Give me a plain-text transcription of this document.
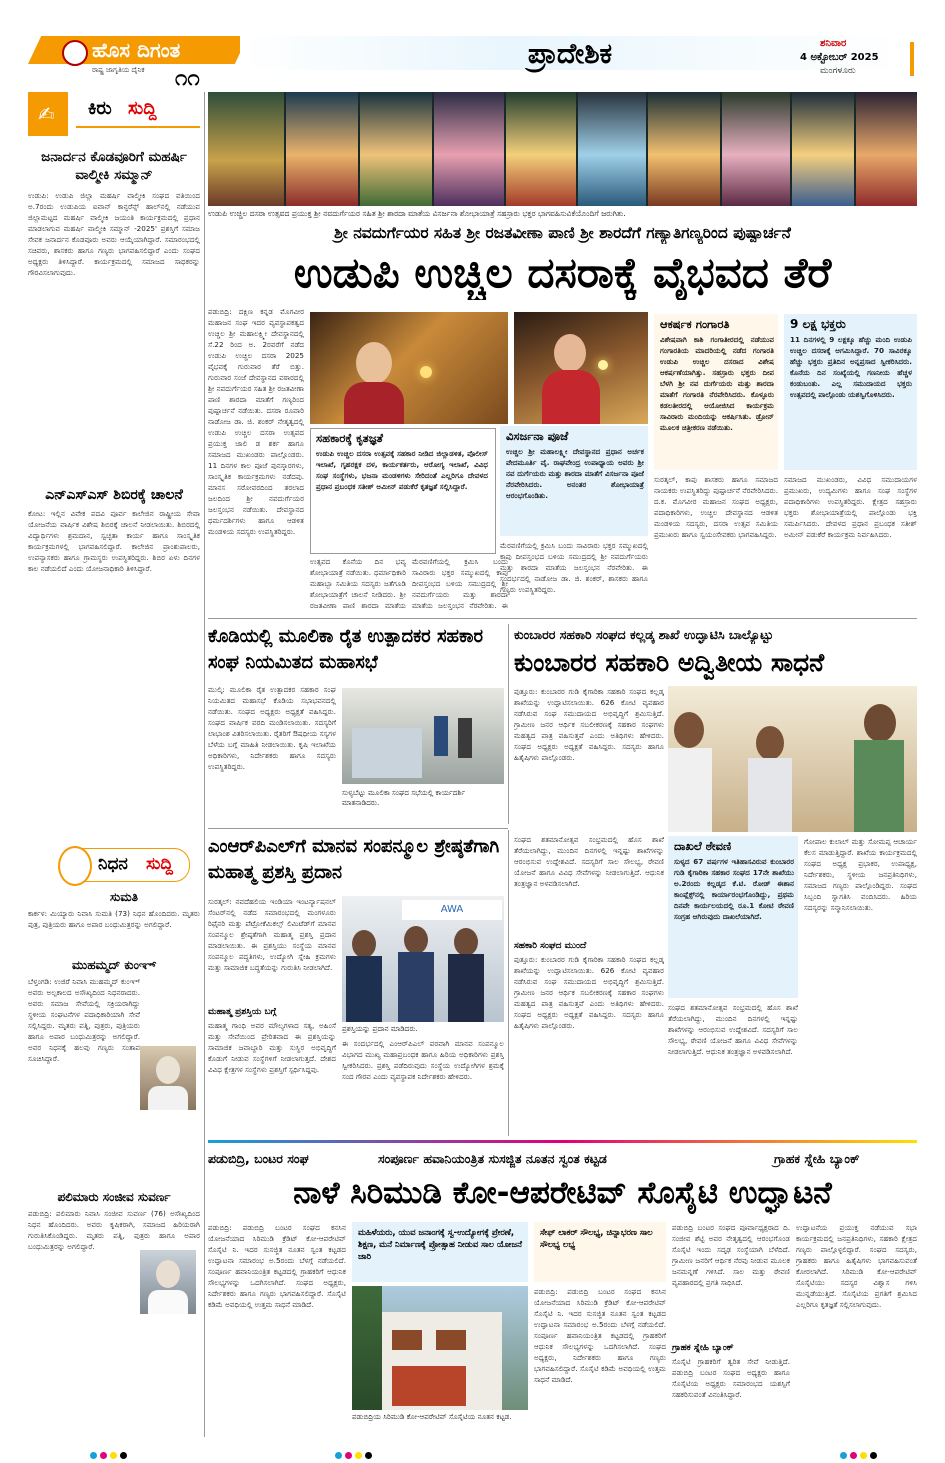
ಹೊಸ ದಿಗಂತ
ರಾಷ್ಟ್ರ ಜಾಗೃತಿಯ ದೈನಿಕ	೧೧
ಪ್ರಾದೇಶಿಕ	ಶನಿವಾರ
4 ಅಕ್ಟೋಬರ್ 2025
ಮಂಗಳೂರು
✍ ಕಿರು ಸುದ್ದಿ
ಜನಾರ್ದನ ಕೊಡವೂರಿಗೆ ಮಹರ್ಷಿ ವಾಲ್ಮೀಕಿ ಸಮ್ಮಾನ್
ಉಡುಪಿ: ಉಡುಪಿ ಜಿಲ್ಲಾ ಮಹರ್ಷಿ ವಾಲ್ಮೀಕಿ ಸಂಘದ ವತಿಯಿಂದ ಅ.7ರಂದು ಉಡುಪಿಯ ಐವಾನ್ ಕಾನ್ಫರೆನ್ಸ್ ಹಾಲ್‌ನಲ್ಲಿ ನಡೆಯುವ ಜಿಲ್ಲಾಮಟ್ಟದ ಮಹರ್ಷಿ ವಾಲ್ಮೀಕಿ ಜಯಂತಿ ಕಾರ್ಯಕ್ರಮದಲ್ಲಿ ಪ್ರಧಾನ ಮಾಡಲಾಗುವ ಮಹರ್ಷಿ ವಾಲ್ಮೀಕಿ ಸಮ್ಮಾನ್ -2025' ಪ್ರಶಸ್ತಿಗೆ ಸಮಾಜ ಸೇವಕ ಜನಾರ್ದನ ಕೊಡವೂರು ಅವರು ಆಯ್ಕೆಯಾಗಿದ್ದಾರೆ. ಸಮಾರಂಭದಲ್ಲಿ ಸಚಿವರು, ಶಾಸಕರು ಹಾಗೂ ಗಣ್ಯರು ಭಾಗವಹಿಸಲಿದ್ದಾರೆ ಎಂದು ಸಂಘದ ಅಧ್ಯಕ್ಷರು ತಿಳಿಸಿದ್ದಾರೆ. ಕಾರ್ಯಕ್ರಮದಲ್ಲಿ ಸಮಾಜದ ಸಾಧಕರನ್ನು ಗೌರವಿಸಲಾಗುವುದು.
ಎನ್ಎಸ್ಎಸ್ ಶಿಬಿರಕ್ಕೆ ಚಾಲನೆ
ಕೋಟ: ಇಲ್ಲಿನ ವಿವೇಕ ಪದವಿ ಪೂರ್ವ ಕಾಲೇಜಿನ ರಾಷ್ಟ್ರೀಯ ಸೇವಾ ಯೋಜನೆಯ ವಾರ್ಷಿಕ ವಿಶೇಷ ಶಿಬಿರಕ್ಕೆ ಚಾಲನೆ ನೀಡಲಾಯಿತು. ಶಿಬಿರದಲ್ಲಿ ವಿದ್ಯಾರ್ಥಿಗಳು ಶ್ರಮದಾನ, ಸ್ವಚ್ಛತಾ ಕಾರ್ಯ ಹಾಗೂ ಸಾಂಸ್ಕೃತಿಕ ಕಾರ್ಯಕ್ರಮಗಳಲ್ಲಿ ಭಾಗವಹಿಸಲಿದ್ದಾರೆ. ಕಾಲೇಜಿನ ಪ್ರಾಂಶುಪಾಲರು, ಉಪನ್ಯಾಸಕರು ಹಾಗೂ ಗ್ರಾಮಸ್ಥರು ಉಪಸ್ಥಿತರಿದ್ದರು. ಶಿಬಿರ ಏಳು ದಿನಗಳ ಕಾಲ ನಡೆಯಲಿದೆ ಎಂದು ಯೋಜನಾಧಿಕಾರಿ ತಿಳಿಸಿದ್ದಾರೆ.
ನಿಧನ ಸುದ್ದಿ
ಸುಮತಿ
ಕಾರ್ಕಳ: ಮಿಯ್ಯಾರು ನಿವಾಸಿ ಸುಮತಿ (73) ನಿಧನ ಹೊಂದಿದರು. ಮೃತರು ಪುತ್ರ, ಪುತ್ರಿಯರು ಹಾಗೂ ಅಪಾರ ಬಂಧುಮಿತ್ರರನ್ನು ಅಗಲಿದ್ದಾರೆ.
ಮುಹಮ್ಮದ್ ಕುಂಞ್
ಬೆಳ್ತಂಗಡಿ: ಉಜಿರೆ ನಿವಾಸಿ ಮುಹಮ್ಮದ್ ಕುಂಞ್ ಅವರು ಅಲ್ಪಕಾಲದ ಅಸೌಖ್ಯದಿಂದ ನಿಧನರಾದರು. ಅವರು ಸಮಾಜ ಸೇವೆಯಲ್ಲಿ ಸಕ್ರಿಯರಾಗಿದ್ದು ಸ್ಥಳೀಯ ಸಂಘಟನೆಗಳ ಪದಾಧಿಕಾರಿಯಾಗಿ ಸೇವೆ ಸಲ್ಲಿಸಿದ್ದರು. ಮೃತರು ಪತ್ನಿ, ಪುತ್ರರು, ಪುತ್ರಿಯರು ಹಾಗೂ ಅಪಾರ ಬಂಧುಮಿತ್ರರನ್ನು ಅಗಲಿದ್ದಾರೆ. ಅವರ ನಿಧನಕ್ಕೆ ಹಲವು ಗಣ್ಯರು ಸಂತಾಪ ಸೂಚಿಸಿದ್ದಾರೆ.
ಪಲಿಮಾರು ಸಂಜೀವ ಸುವರ್ಣ
ಪಡುಬಿದ್ರಿ: ಪಲಿಮಾರು ನಿವಾಸಿ ಸಂಜೀವ ಸುವರ್ಣ (76) ಅಸೌಖ್ಯದಿಂದ ನಿಧನ ಹೊಂದಿದರು. ಅವರು ಕೃಷಿಕರಾಗಿ, ಸಮಾಜದ ಹಿರಿಯರಾಗಿ ಗುರುತಿಸಿಕೊಂಡಿದ್ದರು. ಮೃತರು ಪತ್ನಿ, ಪುತ್ರರು ಹಾಗೂ ಅಪಾರ ಬಂಧುಮಿತ್ರರನ್ನು ಅಗಲಿದ್ದಾರೆ.
ಉಡುಪಿ ಉಚ್ಚಿಲ ದಸರಾ ಉತ್ಸವದ ಪ್ರಯುಕ್ತ ಶ್ರೀ ನವದುರ್ಗೆಯರ ಸಹಿತ ಶ್ರೀ ಶಾರದಾ ಮಾತೆಯ ವಿಸರ್ಜನಾ ಶೋಭಾಯಾತ್ರೆ ಸಹಸ್ರಾರು ಭಕ್ತರ ಭಾಗವಹಿಸುವಿಕೆಯೊಂದಿಗೆ ಜರುಗಿತು.
ಶ್ರೀ ನವದುರ್ಗೆಯರ ಸಹಿತ ಶ್ರೀ ರಜತವೀಣಾ ಪಾಣಿ ಶ್ರೀ ಶಾರದೆಗೆ ಗಣ್ಯಾತಿಗಣ್ಯರಿಂದ ಪುಷ್ಪಾರ್ಚನೆ
ಉಡುಪಿ ಉಚ್ಚಿಲ ದಸರಾಕ್ಕೆ ವೈಭವದ ತೆರೆ
ಪಡುಬಿದ್ರಿ: ದಕ್ಷಿಣ ಕನ್ನಡ ಮೊಗವೀರ ಮಹಾಜನ ಸಂಘ ಇದರ ವ್ಯವಸ್ಥಾಪಕತ್ವದ ಉಚ್ಚಿಲ ಶ್ರೀ ಮಹಾಲಕ್ಷ್ಮೀ ದೇವಸ್ಥಾನದಲ್ಲಿ ಸೆ.22 ರಿಂದ ಅ. 2ರವರೆಗೆ ನಡೆದ ಉಡುಪಿ ಉಚ್ಚಿಲ ದಸರಾ 2025 ವೈಭವಕ್ಕೆ ಗುರುವಾರ ತೆರೆ ಬಿತ್ತು. ಗುರುವಾರ ಸಂಜೆ ದೇವಸ್ಥಾನದ ವಠಾರದಲ್ಲಿ ಶ್ರೀ ನವದುರ್ಗೆಯರ ಸಹಿತ ಶ್ರೀ ರಜತವೀಣಾ ಪಾಣಿ ಶಾರದಾ ಮಾತೆಗೆ ಗಣ್ಯರಿಂದ ಪುಷ್ಪಾರ್ಚನೆ ನಡೆಯಿತು. ದಸರಾ ರೂವಾರಿ ನಾಡೋಜ ಡಾ. ಜಿ. ಶಂಕರ್ ನೇತೃತ್ವದಲ್ಲಿ ಉಡುಪಿ ಉಚ್ಚಿಲ ದಸರಾ ಉತ್ಸವದ ಪ್ರಯುಕ್ತ ಜಾಲಿ ಡ ಶರ್ಕ ಹಾಗೂ ಸಮಾಜದ ಮುಖಂಡರು ಪಾಲ್ಗೊಂಡರು. 11 ದಿನಗಳ ಕಾಲ ಪೂಜೆ ಪುನಸ್ಕಾರಗಳು, ಸಾಂಸ್ಕೃತಿಕ ಕಾರ್ಯಕ್ರಮಗಳು ನಡೆದವು. ಮಾನಸ ಸರೋವರದಿಂದ ತರಲಾದ ಜಲದಿಂದ ಶ್ರೀ ನವದುರ್ಗೆಯರ ಜಲಸ್ತಂಭನ ನಡೆಯಿತು. ದೇವಸ್ಥಾನದ ಧರ್ಮದರ್ಶಿಗಳು ಹಾಗೂ ಆಡಳಿತ ಮಂಡಳಿಯ ಸದಸ್ಯರು ಉಪಸ್ಥಿತರಿದ್ದರು.
ಸಹಕಾರಕ್ಕೆ ಕೃತಜ್ಞತೆ
ಉಡುಪಿ ಉಚ್ಚಿಲ ದಸರಾ ಉತ್ಸವಕ್ಕೆ ಸಹಕಾರ ನೀಡಿದ ಜಿಲ್ಲಾಡಳಿತ, ಪೊಲೀಸ್ ಇಲಾಖೆ, ಗೃಹರಕ್ಷಕ ದಳ, ಕಾರ್ಯಕರ್ತರು, ಆರೋಗ್ಯ ಇಲಾಖೆ, ವಿವಿಧ ಸಂಘ ಸಂಸ್ಥೆಗಳು, ಭಜನಾ ಮಂಡಳಿಗಳು ಸೇರಿದಂತೆ ಎಲ್ಲರಿಗೂ ದೇವಳದ ಪ್ರಧಾನ ಪ್ರಬಂಧಕ ಸತೀಶ್ ಅಮೀನ್ ಪಡುಕೆರೆ ಕೃತಜ್ಞತೆ ಸಲ್ಲಿಸಿದ್ದಾರೆ.
ವಿಸರ್ಜನಾ ಪೂಜೆ
ಉಚ್ಚಿಲ ಶ್ರೀ ಮಹಾಲಕ್ಷ್ಮೀ ದೇವಸ್ಥಾನದ ಪ್ರಧಾನ ಅರ್ಚಕ ವೇದಮೂರ್ತಿ ವೈ. ರಾಘವೇಂದ್ರ ಉಪಾಧ್ಯಾಯ ಅವರು ಶ್ರೀ ನವ ದುರ್ಗೆಯರು ಮತ್ತು ಶಾರದಾ ಮಾತೆಗೆ ವಿಸರ್ಜನಾ ಪೂಜೆ ನೆರವೇರಿಸಿದರು. ಅನಂತರ ಶೋಭಾಯಾತ್ರೆ ಆರಂಭಗೊಂಡಿತು.
ಉತ್ಸವದ ಕೊನೆಯ ದಿನ ಭವ್ಯ ಶೋಭಾಯಾತ್ರೆ ನಡೆಯಿತು. ಧರ್ಮಾಧಿಕಾರಿ ಮಹಾಬ್ಬಾ ಸಮಿತಿಯ ಸದಸ್ಯರು ಜತೆಗೂಡಿ ಶೋಭಾಯಾತ್ರೆಗೆ ಚಾಲನೆ ನೀಡಿದರು. ಶ್ರೀ ರಜತವೀಣಾ ಪಾಣಿ ಶಾರದಾ ಮಾತೆಯ
ಮೆರವಣಿಗೆಯಲ್ಲಿ ಕ್ರಮಿಸಿ ಬಂದು ಸಾವಿರಾರು ಭಕ್ತರ ಸಮ್ಮುಖದಲ್ಲಿ ಕಾಪು ದೀಪಸ್ತಂಭದ ಬಳಿಯ ಸಮುದ್ರದಲ್ಲಿ ಶ್ರೀ ನವದುರ್ಗೆಯರು ಮತ್ತು ಶಾರದಾ ಮಾತೆಯ ಜಲಸ್ತಂಭನ ನೆರವೇರಿತು. ಈ
ಮೆರವಣಿಗೆಯಲ್ಲಿ ಕ್ರಮಿಸಿ ಬಂದು ಸಾವಿರಾರು ಭಕ್ತರ ಸಮ್ಮುಖದಲ್ಲಿ ಕಾಪು ದೀಪಸ್ತಂಭದ ಬಳಿಯ ಸಮುದ್ರದಲ್ಲಿ ಶ್ರೀ ನವದುರ್ಗೆಯರು ಮತ್ತು ಶಾರದಾ ಮಾತೆಯ ಜಲಸ್ತಂಭನ ನೆರವೇರಿತು. ಈ ಸಂದರ್ಭದಲ್ಲಿ ನಾಡೋಜ ಡಾ. ಜಿ. ಶಂಕರ್, ಶಾಸಕರು ಹಾಗೂ ಗಣ್ಯರು ಉಪಸ್ಥಿತರಿದ್ದರು.
ಆಕರ್ಷಕ ಗಂಗಾರತಿ
ವಿಶೇಷವಾಗಿ ಕಾಶಿ ಗಂಗಾತೀರದಲ್ಲಿ ನಡೆಯುವ ಗಂಗಾರತಿಯ ಮಾದರಿಯಲ್ಲಿ ನಡೆದ ಗಂಗಾರತಿ ಉಡುಪಿ ಉಚ್ಚಿಲ ದಸರಾದ ವಿಶೇಷ ಆಕರ್ಷಣೆಯಾಗಿತ್ತು. ಸಹಸ್ರಾರು ಭಕ್ತರು ದೀಪ ಬೆಳಗಿ ಶ್ರೀ ನವ ದುರ್ಗೆಯರು ಮತ್ತು ಶಾರದಾ ಮಾತೆಗೆ ಗಂಗಾರತಿ ನೆರವೇರಿಸಿದರು. ಕೊಳ್ಳೂರು ಕಡಲತೀರದಲ್ಲಿ ಆಯೋಜಿಸಿದ ಕಾರ್ಯಕ್ರಮ ಸಾವಿರಾರು ಮಂದಿಯನ್ನು ಆಕರ್ಷಿಸಿತು. ಡ್ರೋನ್ ಮೂಲಕ ಚಿತ್ರೀಕರಣ ನಡೆಯಿತು.
9 ಲಕ್ಷ ಭಕ್ತರು
11 ದಿನಗಳಲ್ಲಿ 9 ಲಕ್ಷಕ್ಕೂ ಹೆಚ್ಚು ಮಂದಿ ಉಡುಪಿ ಉಚ್ಚಿಲ ದಸರಾಕ್ಕೆ ಆಗಮಿಸಿದ್ದಾರೆ. 70 ಸಾವಿರಕ್ಕೂ ಹೆಚ್ಚು ಭಕ್ತರು ಪ್ರತಿದಿನ ಅನ್ನಪ್ರಸಾದ ಸ್ವೀಕರಿಸಿದರು. ಕೊನೆಯ ದಿನ ಸಂಖ್ಯೆಯಲ್ಲಿ ಗಣನೀಯ ಹೆಚ್ಚಳ ಕಂಡುಬಂತು. ಎಲ್ಲ ಸಮುದಾಯದ ಭಕ್ತರು ಉತ್ಸವದಲ್ಲಿ ಪಾಲ್ಗೊಂಡು ಯಶಸ್ವಿಗೊಳಿಸಿದರು.
ಸುರತ್ಕಲ್, ಕಾಪು ಶಾಸಕರು ಹಾಗೂ ಸಮಾಜದ ನಾಯಕರು ಉಪಸ್ಥಿತರಿದ್ದು ಪುಷ್ಪಾರ್ಚನೆ ನೆರವೇರಿಸಿದರು. ದ.ಕ. ಮೊಗವೀರ ಮಹಾಜನ ಸಂಘದ ಅಧ್ಯಕ್ಷರು, ಪದಾಧಿಕಾರಿಗಳು, ಉಚ್ಚಿಲ ದೇವಸ್ಥಾನದ ಆಡಳಿತ ಮಂಡಳಿಯ ಸದಸ್ಯರು, ದಸರಾ ಉತ್ಸವ ಸಮಿತಿಯ ಪ್ರಮುಖರು ಹಾಗೂ ಸ್ವಯಂಸೇವಕರು ಭಾಗವಹಿಸಿದ್ದರು.
ಸಮಾಜದ ಮುಖಂಡರು, ವಿವಿಧ ಸಮುದಾಯಗಳ ಪ್ರಮುಖರು, ಉದ್ಯಮಿಗಳು ಹಾಗೂ ಸಂಘ ಸಂಸ್ಥೆಗಳ ಪದಾಧಿಕಾರಿಗಳು ಉಪಸ್ಥಿತರಿದ್ದರು. ಕ್ಷೇತ್ರದ ಸಹಸ್ರಾರು ಭಕ್ತರು ಶೋಭಾಯಾತ್ರೆಯಲ್ಲಿ ಪಾಲ್ಗೊಂಡು ಭಕ್ತಿ ಸಮರ್ಪಿಸಿದರು. ದೇವಳದ ಪ್ರಧಾನ ಪ್ರಬಂಧಕ ಸತೀಶ್ ಅಮೀನ್ ಪಡುಕೆರೆ ಕಾರ್ಯಕ್ರಮ ನಿರ್ವಹಿಸಿದರು.
ಕೊಡಿಯಲ್ಲಿ ಮೂಲಿಕಾ ರೈತ ಉತ್ಪಾದಕರ ಸಹಕಾರ ಸಂಘ ನಿಯಮಿತದ ಮಹಾಸಭೆ
ಮುಲ್ಕಿ: ಮೂಲಿಕಾ ರೈತ ಉತ್ಪಾದಕರ ಸಹಕಾರ ಸಂಘ ನಿಯಮಿತದ ಮಹಾಸಭೆ ಕೊಡಿಯ ಸಭಾಭವನದಲ್ಲಿ ನಡೆಯಿತು. ಸಂಘದ ಅಧ್ಯಕ್ಷರು ಅಧ್ಯಕ್ಷತೆ ವಹಿಸಿದ್ದರು. ಸಂಘದ ವಾರ್ಷಿಕ ವರದಿ ಮಂಡಿಸಲಾಯಿತು. ಸದಸ್ಯರಿಗೆ ಲಾಭಾಂಶ ವಿತರಿಸಲಾಯಿತು. ರೈತರಿಗೆ ಔಷಧೀಯ ಸಸ್ಯಗಳ ಬೆಳೆಯ ಬಗ್ಗೆ ಮಾಹಿತಿ ನೀಡಲಾಯಿತು. ಕೃಷಿ ಇಲಾಖೆಯ ಅಧಿಕಾರಿಗಳು, ನಿರ್ದೇಶಕರು ಹಾಗೂ ಸದಸ್ಯರು ಉಪಸ್ಥಿತರಿದ್ದರು.
ಸುಳ್ಯಬೆಟ್ಟು ಮೂಲಿಕಾ ಸಂಘದ ಸಭೆಯಲ್ಲಿ ಕಾರ್ಯದರ್ಶಿ ಮಾತನಾಡಿದರು.
ಕುಂಬಾರರ ಸಹಕಾರಿ ಸಂಘದ ಕಲ್ಲಡ್ಕ ಶಾಖೆ ಉದ್ಘಾಟಿಸಿ ಬಾಲ್ಯೊಟ್ಟು
ಕುಂಬಾರರ ಸಹಕಾರಿ ಅದ್ವಿತೀಯ ಸಾಧನೆ
ಪುತ್ತೂರು: ಕುಂಬಾರರ ಗುಡಿ ಕೈಗಾರಿಕಾ ಸಹಕಾರಿ ಸಂಘದ ಕಲ್ಲಡ್ಕ ಶಾಖೆಯನ್ನು ಉದ್ಘಾಟಿಸಲಾಯಿತು. 626 ಕೋಟಿ ವ್ಯವಹಾರ ನಡೆಸಿರುವ ಸಂಘ ಸಮುದಾಯದ ಅಭಿವೃದ್ಧಿಗೆ ಶ್ರಮಿಸುತ್ತಿದೆ. ಗ್ರಾಮೀಣ ಜನರ ಆರ್ಥಿಕ ಸಬಲೀಕರಣಕ್ಕೆ ಸಹಕಾರ ಸಂಘಗಳು ಮಹತ್ವದ ಪಾತ್ರ ವಹಿಸುತ್ತವೆ ಎಂದು ಅತಿಥಿಗಳು ಹೇಳಿದರು. ಸಂಘದ ಅಧ್ಯಕ್ಷರು ಅಧ್ಯಕ್ಷತೆ ವಹಿಸಿದ್ದರು. ಸದಸ್ಯರು ಹಾಗೂ ಹಿತೈಷಿಗಳು ಪಾಲ್ಗೊಂಡರು.
ಸಂಘದ ಶತಮಾನೋತ್ಸವ ಸಂಭ್ರಮದಲ್ಲಿ ಹೊಸ ಶಾಖೆ ತೆರೆಯಲಾಗಿದ್ದು, ಮುಂದಿನ ದಿನಗಳಲ್ಲಿ ಇನ್ನಷ್ಟು ಶಾಖೆಗಳನ್ನು ಆರಂಭಿಸುವ ಉದ್ದೇಶವಿದೆ. ಸದಸ್ಯರಿಗೆ ಸಾಲ ಸೌಲಭ್ಯ, ಠೇವಣಿ ಯೋಜನೆ ಹಾಗೂ ವಿವಿಧ ಸೇವೆಗಳನ್ನು ನೀಡಲಾಗುತ್ತಿದೆ. ಆಧುನಿಕ ತಂತ್ರಜ್ಞಾನ ಅಳವಡಿಸಲಾಗಿದೆ.
ಸಹಕಾರಿ ಸಂಘದ ಮುಂದೆ
ಪುತ್ತೂರು: ಕುಂಬಾರರ ಗುಡಿ ಕೈಗಾರಿಕಾ ಸಹಕಾರಿ ಸಂಘದ ಕಲ್ಲಡ್ಕ ಶಾಖೆಯನ್ನು ಉದ್ಘಾಟಿಸಲಾಯಿತು. 626 ಕೋಟಿ ವ್ಯವಹಾರ ನಡೆಸಿರುವ ಸಂಘ ಸಮುದಾಯದ ಅಭಿವೃದ್ಧಿಗೆ ಶ್ರಮಿಸುತ್ತಿದೆ. ಗ್ರಾಮೀಣ ಜನರ ಆರ್ಥಿಕ ಸಬಲೀಕರಣಕ್ಕೆ ಸಹಕಾರ ಸಂಘಗಳು ಮಹತ್ವದ ಪಾತ್ರ ವಹಿಸುತ್ತವೆ ಎಂದು ಅತಿಥಿಗಳು ಹೇಳಿದರು. ಸಂಘದ ಅಧ್ಯಕ್ಷರು ಅಧ್ಯಕ್ಷತೆ ವಹಿಸಿದ್ದರು. ಸದಸ್ಯರು ಹಾಗೂ ಹಿತೈಷಿಗಳು ಪಾಲ್ಗೊಂಡರು.
ದಾಖಲೆ ಠೇವಣಿ
ಸುಳ್ಯದ 67 ವರ್ಷಗಳ ಇತಿಹಾಸವಿರುವ ಕುಂಬಾರರ ಗುಡಿ ಕೈಗಾರಿಕಾ ಸಹಕಾರ ಸಂಘದ 17ನೇ ಶಾಖೆಯು ಅ.2ರಂದು ಕಲ್ಲಡ್ಕದ ಕೆ.ಟಿ. ರೋಡ್ ಈಶಾನ ಕಾಂಪ್ಲೆಕ್ಸ್‌ನಲ್ಲಿ ಕಾರ್ಯಾರಂಭಗೊಂಡಿದ್ದು, ಪ್ರಥಮ ದಿನವೇ ಕಾರ್ಯಲಯದಲ್ಲಿ ರೂ.1 ಕೋಟಿ ಠೇವಣಿ ಸಂಗ್ರಹ ಆಗಿರುವುದು ದಾಖಲೆಯಾಗಿದೆ.
ಸಂಘದ ಶತಮಾನೋತ್ಸವ ಸಂಭ್ರಮದಲ್ಲಿ ಹೊಸ ಶಾಖೆ ತೆರೆಯಲಾಗಿದ್ದು, ಮುಂದಿನ ದಿನಗಳಲ್ಲಿ ಇನ್ನಷ್ಟು ಶಾಖೆಗಳನ್ನು ಆರಂಭಿಸುವ ಉದ್ದೇಶವಿದೆ. ಸದಸ್ಯರಿಗೆ ಸಾಲ ಸೌಲಭ್ಯ, ಠೇವಣಿ ಯೋಜನೆ ಹಾಗೂ ವಿವಿಧ ಸೇವೆಗಳನ್ನು ನೀಡಲಾಗುತ್ತಿದೆ. ಆಧುನಿಕ ತಂತ್ರಜ್ಞಾನ ಅಳವಡಿಸಲಾಗಿದೆ.
ಗೋಪಾಲ ಕುಲಾಲ್ ಮತ್ತು ಸೋಮಪ್ಪ ಆಚಾರ್ಯ ಕೆಲಸ ಮಾಡುತ್ತಿದ್ದಾರೆ. ಶಾಖೆಯ ಕಾರ್ಯಕ್ರಮದಲ್ಲಿ ಸಂಘದ ಅಧ್ಯಕ್ಷ ಪ್ರಭಾಕರ, ಉಪಾಧ್ಯಕ್ಷ, ನಿರ್ದೇಶಕರು, ಸ್ಥಳೀಯ ಜನಪ್ರತಿನಿಧಿಗಳು, ಸಮಾಜದ ಗಣ್ಯರು ಪಾಲ್ಗೊಂಡಿದ್ದರು. ಸಂಘದ ಸಿಬ್ಬಂದಿ ಸ್ವಾಗತಿಸಿ ವಂದಿಸಿದರು. ಹಿರಿಯ ಸದಸ್ಯರನ್ನು ಸನ್ಮಾನಿಸಲಾಯಿತು.
ಎಂಆರ್‌ಪಿಎಲ್‌ಗೆ ಮಾನವ ಸಂಪನ್ಮೂಲ ಶ್ರೇಷ್ಠತೆಗಾಗಿ ಮಹಾತ್ಮ ಪ್ರಶಸ್ತಿ ಪ್ರದಾನ
ಸುರತ್ಕಲ್: ನವದೆಹಲಿಯ ಇಂಡಿಯಾ ಇಂಟರ್ನ್ಯಾಷನಲ್ ಸೆಂಟರ್‌ನಲ್ಲಿ ನಡೆದ ಸಮಾರಂಭದಲ್ಲಿ ಮಂಗಳೂರು ರಿಫೈನರಿ ಮತ್ತು ಪೆಟ್ರೋಕೆಮಿಕಲ್ಸ್ ಲಿಮಿಟೆಡ್‌ಗೆ ಮಾನವ ಸಂಪನ್ಮೂಲ ಶ್ರೇಷ್ಠತೆಗಾಗಿ ಮಹಾತ್ಮ ಪ್ರಶಸ್ತಿ ಪ್ರದಾನ ಮಾಡಲಾಯಿತು. ಈ ಪ್ರಶಸ್ತಿಯು ಸಂಸ್ಥೆಯ ಮಾನವ ಸಂಪನ್ಮೂಲ ಪದ್ಧತಿಗಳು, ಉದ್ಯೋಗಿ ಸ್ನೇಹಿ ಕ್ರಮಗಳು ಮತ್ತು ಸಾಮಾಜಿಕ ಬದ್ಧತೆಯನ್ನು ಗುರುತಿಸಿ ನೀಡಲಾಗಿದೆ.
ಮಹಾತ್ಮ ಪ್ರಶಸ್ತಿಯ ಬಗ್ಗೆ
ಮಹಾತ್ಮ ಗಾಂಧಿ ಅವರ ಮೌಲ್ಯಗಳಾದ ಸತ್ಯ, ಅಹಿಂಸೆ ಮತ್ತು ಸೇವೆಯಿಂದ ಪ್ರೇರಿತವಾದ ಈ ಪ್ರಶಸ್ತಿಯನ್ನು ಸಾಮಾಜಿಕ ಜವಾಬ್ದಾರಿ ಮತ್ತು ಸುಸ್ಥಿರ ಅಭಿವೃದ್ಧಿಗೆ ಕೊಡುಗೆ ನೀಡುವ ಸಂಸ್ಥೆಗಳಿಗೆ ನೀಡಲಾಗುತ್ತದೆ. ದೇಶದ ವಿವಿಧ ಕ್ಷೇತ್ರಗಳ ಸಂಸ್ಥೆಗಳು ಪ್ರಶಸ್ತಿಗೆ ಸ್ಪರ್ಧಿಸಿದ್ದವು.
AWA
ಪ್ರಶಸ್ತಿಯನ್ನು ಪ್ರದಾನ ಮಾಡಿದರು.
ಈ ಸಂದರ್ಭದಲ್ಲಿ ಎಂಆರ್‌ಪಿಎಲ್ ಪರವಾಗಿ ಮಾನವ ಸಂಪನ್ಮೂಲ ವಿಭಾಗದ ಮುಖ್ಯ ಮಹಾಪ್ರಬಂಧಕ ಹಾಗೂ ಹಿರಿಯ ಅಧಿಕಾರಿಗಳು ಪ್ರಶಸ್ತಿ ಸ್ವೀಕರಿಸಿದರು. ಪ್ರಶಸ್ತಿ ಪಡೆದಿರುವುದು ಸಂಸ್ಥೆಯ ಉದ್ಯೋಗಿಗಳ ಶ್ರಮಕ್ಕೆ ಸಂದ ಗೌರವ ಎಂದು ವ್ಯವಸ್ಥಾಪಕ ನಿರ್ದೇಶಕರು ಹೇಳಿದರು.
ಪಡುಬಿದ್ರಿ, ಬಂಟರ ಸಂಘ	ಸಂಪೂರ್ಣ ಹವಾನಿಯಂತ್ರಿತ ಸುಸಜ್ಜಿತ ನೂತನ ಸ್ವಂತ ಕಟ್ಟಡ	ಗ್ರಾಹಕ ಸ್ನೇಹಿ ಬ್ಯಾಂಕ್
ನಾಳೆ ಸಿರಿಮುಡಿ ಕೋ-ಆಪರೇಟಿವ್ ಸೊಸೈಟಿ ಉದ್ಘಾಟನೆ
ಪಡುಬಿದ್ರಿ: ಪಡುಬಿದ್ರಿ ಬಂಟರ ಸಂಘದ ಕನಸಿನ ಯೋಜನೆಯಾದ ಸಿರಿಮುಡಿ ಕ್ರೆಡಿಟ್ ಕೋ-ಆಪರೇಟಿವ್ ಸೊಸೈಟಿ ನಿ. ಇದರ ಸುಸಜ್ಜಿತ ನೂತನ ಸ್ವಂತ ಕಟ್ಟಡದ ಉದ್ಘಾಟನಾ ಸಮಾರಂಭ ಅ.5ರಂದು ಬೆಳಗ್ಗೆ ನಡೆಯಲಿದೆ. ಸಂಪೂರ್ಣ ಹವಾನಿಯಂತ್ರಿತ ಕಟ್ಟಡದಲ್ಲಿ ಗ್ರಾಹಕರಿಗೆ ಆಧುನಿಕ ಸೌಲಭ್ಯಗಳನ್ನು ಒದಗಿಸಲಾಗಿದೆ. ಸಂಘದ ಅಧ್ಯಕ್ಷರು, ನಿರ್ದೇಶಕರು ಹಾಗೂ ಗಣ್ಯರು ಭಾಗವಹಿಸಲಿದ್ದಾರೆ. ಸೊಸೈಟಿ ಕಡಿಮೆ ಅವಧಿಯಲ್ಲಿ ಉತ್ತಮ ಸಾಧನೆ ಮಾಡಿದೆ.
ಮಹಿಳೆಯರು, ಯುವ ಜನಾಂಗಕ್ಕೆ ಸ್ವ-ಉದ್ಯೋಗಕ್ಕೆ ಪ್ರೇರಣೆ, ಶಿಕ್ಷಣ, ಮನೆ ನಿರ್ಮಾಣಕ್ಕೆ ಪ್ರೋತ್ಸಾಹ ನೀಡುವ ಸಾಲ ಯೋಜನೆ ಜಾರಿ
ಪಡುಬಿದ್ರಿಯ ಸಿರಿಮುಡಿ ಕೋ-ಆಪರೇಟಿವ್ ಸೊಸೈಟಿಯ ನೂತನ ಕಟ್ಟಡ.
ಸೇಫ್ ಲಾಕರ್ ಸೌಲಭ್ಯ, ಚಿನ್ನಾಭರಣ ಸಾಲ ಸೌಲಭ್ಯ ಲಭ್ಯ
ಪಡುಬಿದ್ರಿ: ಪಡುಬಿದ್ರಿ ಬಂಟರ ಸಂಘದ ಕನಸಿನ ಯೋಜನೆಯಾದ ಸಿರಿಮುಡಿ ಕ್ರೆಡಿಟ್ ಕೋ-ಆಪರೇಟಿವ್ ಸೊಸೈಟಿ ನಿ. ಇದರ ಸುಸಜ್ಜಿತ ನೂತನ ಸ್ವಂತ ಕಟ್ಟಡದ ಉದ್ಘಾಟನಾ ಸಮಾರಂಭ ಅ.5ರಂದು ಬೆಳಗ್ಗೆ ನಡೆಯಲಿದೆ. ಸಂಪೂರ್ಣ ಹವಾನಿಯಂತ್ರಿತ ಕಟ್ಟಡದಲ್ಲಿ ಗ್ರಾಹಕರಿಗೆ ಆಧುನಿಕ ಸೌಲಭ್ಯಗಳನ್ನು ಒದಗಿಸಲಾಗಿದೆ. ಸಂಘದ ಅಧ್ಯಕ್ಷರು, ನಿರ್ದೇಶಕರು ಹಾಗೂ ಗಣ್ಯರು ಭಾಗವಹಿಸಲಿದ್ದಾರೆ. ಸೊಸೈಟಿ ಕಡಿಮೆ ಅವಧಿಯಲ್ಲಿ ಉತ್ತಮ ಸಾಧನೆ ಮಾಡಿದೆ.
ಪಡುಬಿದ್ರಿ ಬಂಟರ ಸಂಘದ ಪೂರ್ವಾಧ್ಯಕ್ಷರಾದ ದಿ. ಸಂಜೀವ ಶೆಟ್ಟಿ ಅವರ ನೇತೃತ್ವದಲ್ಲಿ ಆರಂಭಗೊಂಡ ಸೊಸೈಟಿ ಇಂದು ಸದೃಢ ಸಂಸ್ಥೆಯಾಗಿ ಬೆಳೆದಿದೆ. ಗ್ರಾಮೀಣ ಜನರಿಗೆ ಆರ್ಥಿಕ ನೆರವು ನೀಡುವ ಮೂಲಕ ಜನಮನ್ನಣೆ ಗಳಿಸಿದೆ. ಸಾಲ ಮತ್ತು ಠೇವಣಿ ವ್ಯವಹಾರದಲ್ಲಿ ಪ್ರಗತಿ ಸಾಧಿಸಿದೆ.
ಗ್ರಾಹಕ ಸ್ನೇಹಿ ಬ್ಯಾಂಕ್
ಸೊಸೈಟಿ ಗ್ರಾಹಕರಿಗೆ ತ್ವರಿತ ಸೇವೆ ನೀಡುತ್ತಿದೆ. ಪಡುಬಿದ್ರಿ ಬಂಟರ ಸಂಘದ ಅಧ್ಯಕ್ಷರು ಹಾಗೂ ಸೊಸೈಟಿಯ ಅಧ್ಯಕ್ಷರು ಸಮಾರಂಭದ ಯಶಸ್ಸಿಗೆ ಸಹಕರಿಸುವಂತೆ ವಿನಂತಿಸಿದ್ದಾರೆ.
ಉದ್ಘಾಟನೆಯ ಪ್ರಯುಕ್ತ ನಡೆಯುವ ಸಭಾ ಕಾರ್ಯಕ್ರಮದಲ್ಲಿ ಜನಪ್ರತಿನಿಧಿಗಳು, ಸಹಕಾರಿ ಕ್ಷೇತ್ರದ ಗಣ್ಯರು ಪಾಲ್ಗೊಳ್ಳಲಿದ್ದಾರೆ. ಸಂಘದ ಸದಸ್ಯರು, ಗ್ರಾಹಕರು ಹಾಗೂ ಹಿತೈಷಿಗಳು ಭಾಗವಹಿಸುವಂತೆ ಕೋರಲಾಗಿದೆ. ಸಿರಿಮುಡಿ ಕೋ-ಆಪರೇಟಿವ್ ಸೊಸೈಟಿಯು ಸದಸ್ಯರ ವಿಶ್ವಾಸ ಗಳಿಸಿ ಮುನ್ನಡೆಯುತ್ತಿದೆ. ಸೊಸೈಟಿಯ ಪ್ರಗತಿಗೆ ಶ್ರಮಿಸಿದ ಎಲ್ಲರಿಗೂ ಕೃತಜ್ಞತೆ ಸಲ್ಲಿಸಲಾಗುವುದು.
